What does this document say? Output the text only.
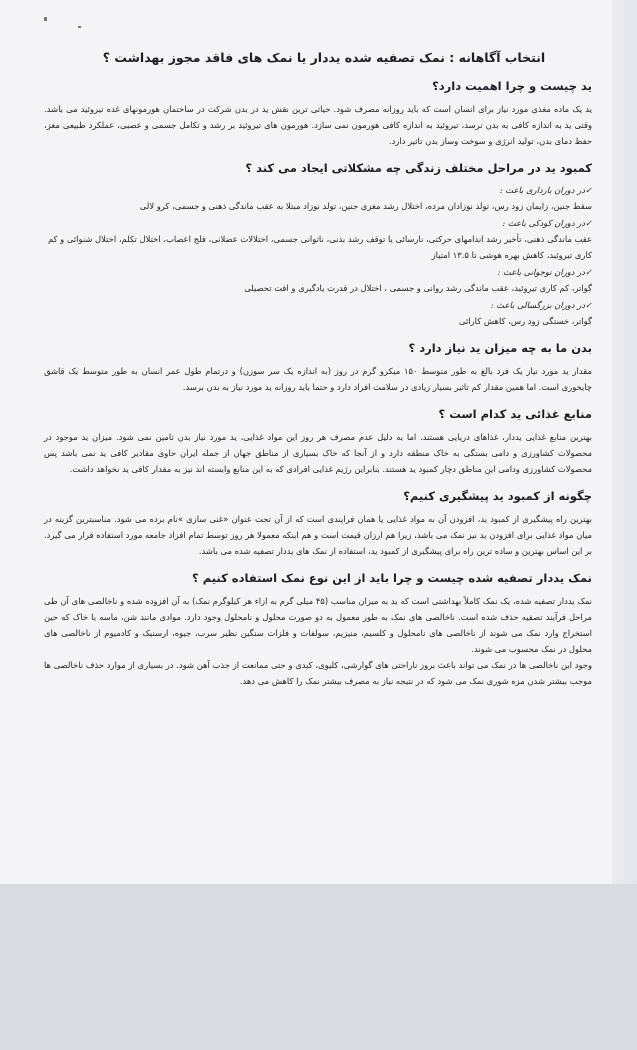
انتخاب آگاهانه : نمک تصفیه شده یددار یا نمک های فاقد مجوز بهداشت ؟
ید چیست و چرا اهمیت دارد؟

ید یک ماده مغذی مورد نیاز برای انسان است که باید روزانه مصرف شود. حیاتی ترین نقش ید در بدن شرکت در ساختمان هورمونهای غده تیروئید می باشد. وقتی ید به اندازه کافی به بدن نرسد، تیروئید به اندازه کافی هورمون نمی سازد. هورمون های تیروئید بر رشد و تکامل جسمی و عصبی، عملکرد طبیعی مغز، حفظ دمای بدن، تولید انرژی و سوخت وساز بدن تاثیر دارد.

کمبود ید در مراحل مختلف زندگی چه مشکلاتی ایجاد می کند ؟
✓در دوران بارداری باعث :
سقط جنین، زایمان زود رس، تولد نوزادان مرده، اختلال رشد مغزی جنین، تولد نوزاد مبتلا به عقب ماندگی ذهنی و جسمی، کرو لالی
✓در دوران کودکی باعث :
عقب ماندگی ذهنی، تأخیر رشد اندامهای حرکتی، نارسائی یا توقف رشد بدنی، ناتوانی جسمی، اختلالات عضلانی، فلج اعصاب، اختلال تکلم، اختلال شنوائی و کم کاری تیروئید، کاهش بهره هوشی تا ۱۳.۵ امتیاز
✓در دوران نوجوانی باعث :
گواتر، کم کاری تیروئید، عقب ماندگی رشد روانی و جسمی ، اختلال در قدرت یادگیری و افت تحصیلی
✓در دوران بزرگسالی باعث :
گواتر، خستگی زود رس، کاهش کارائی
بدن ما به چه میزان ید نیاز دارد ؟

مقدار ید مورد نیاز یک فرد بالغ به طور متوسط ۱۵۰ میکرو گرم در روز (به اندازه یک سر سوزن) و درتمام طول عمر انسان به طور متوسط یک قاشق چایخوری است. اما همین مقدار کم تاثیر بسیار زیادی در سلامت افراد دارد و حتما باید روزانه ید مورد نیاز به بدن برسد.

منابع غذائی ید کدام است ؟

بهترین منابع غذایی یددار، غذاهای دریایی هستند. اما به دلیل عدم مصرف هر روز این مواد غذایی، ید مورد نیاز بدن تامین نمی شود. میزان ید موجود در محصولات کشاورزی و دامی بستگی به خاک منطقه دارد و از آنجا که خاک بسیاری از مناطق جهان از جمله ایران حاوی مقادیر کافی ید نمی باشد پس محصولات کشاورزی ودامی این مناطق دچار کمبود ید هستند. بنابراین رژیم غذایی افرادی که به این منابع وابسته اند نیز به مقدار کافی ید نخواهد داشت.

چگونه از کمبود ید پیشگیری کنیم؟

بهترین راه پیشگیری از کمبود ید، افزودن آن به مواد غذایی یا همان فرایندی است که از آن تحت عنوان «غنی سازی »نام برده می شود. مناسبترین گزینه در میان مواد غذایی برای افزودن ید نیز نمک می باشد، زیرا هم ارزان قیمت است و هم اینکه معمولا هر روز توسط تمام افراد جامعه مورد استفاده قرار می گیرد. بر این اساس بهترین و ساده ترین راه برای پیشگیری از کمبود ید، استفاده از نمک های یددار تصفیه شده می باشد.

نمک یددار تصفیه شده چیست و چرا باید از این نوع نمک استفاده کنیم ؟

نمک یددار تصفیه شده، یک نمک کاملاً بهداشتی است که ید به میزان مناسب (۴۵ میلی گرم به ازاء هر کیلوگرم نمک) به آن افزوده شده و ناخالصی های آن طی مراحل فرآیند تصفیه حذف شده است. ناخالصی های نمک به طور معمول به دو صورت محلول و نامحلول وجود دارد. موادی مانند شن، ماسه یا خاک که حین استخراج وارد نمک می شوند از ناخالصی های نامحلول و کلسیم، منیزیم، سولفات و فلزات سنگین نظیر سرب، جیوه، ارسنیک و کادمیوم از ناخالصی های محلول در نمک محسوب می شوند.

وجود این ناخالصی ها در نمک می تواند باعث بروز ناراحتی های گوارشی، کلیوی، کبدی و حتی ممانعت از جذب آهن شود. در بسیاری از موارد حذف ناخالصی ها موجب بیشتر شدن مزه شوری نمک می شود که در نتیجه نیاز به مصرف بیشتر نمک را کاهش می دهد.
